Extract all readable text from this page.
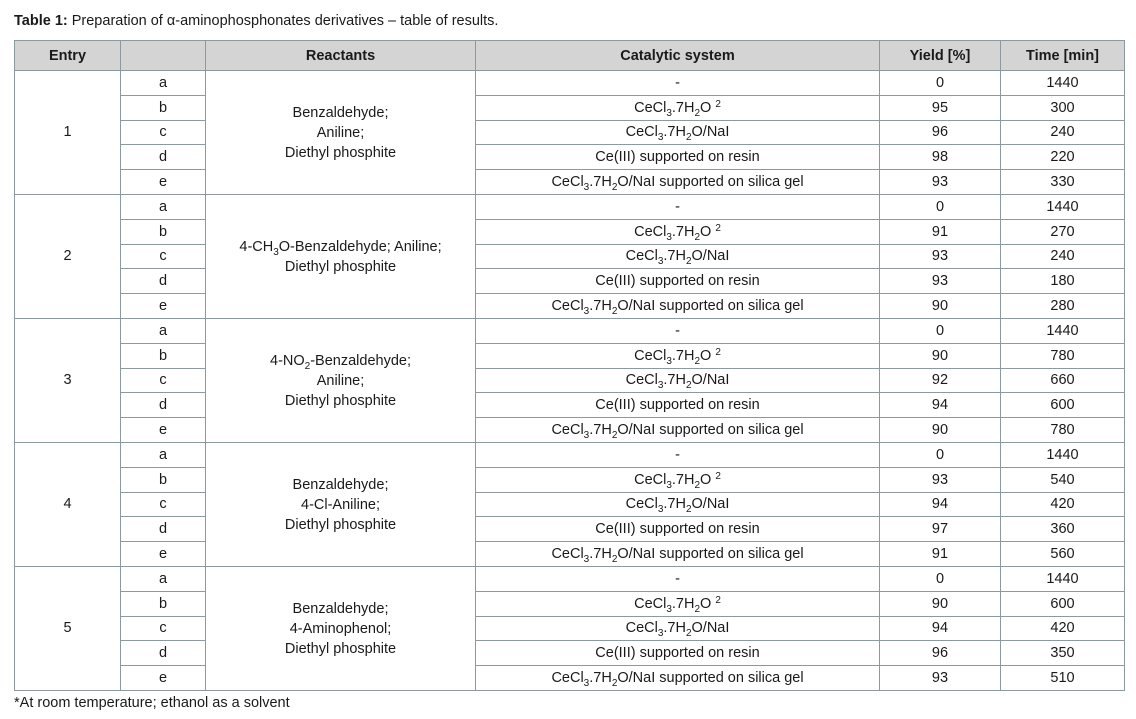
Table 1: Preparation of α-aminophosphonates derivatives – table of results.
Entry		Reactants	Catalytic system	Yield [%]	Time [min]
1	a	Benzaldehyde;
Aniline;
Diethyl phosphite	-	0	1440
	b		$CeCl_3.7H_2O$ $^2$	95	300
	c		$CeCl_3.7H_2O$/NaI	96	240
	d		Ce(III) supported on resin	98	220
	e		$CeCl_3.7H_2O$/NaI supported on silica gel	93	330
2	a	$4-CH_3O$-Benzaldehyde; Aniline;
Diethyl phosphite	-	0	1440
	b		$CeCl_3.7H_2O$ $^2$	91	270
	c		$CeCl_3.7H_2O$/NaI	93	240
	d		Ce(III) supported on resin	93	180
	e		$CeCl_3.7H_2O$/NaI supported on silica gel	90	280
3	a	$4-NO_2$-Benzaldehyde;
Aniline;
Diethyl phosphite	-	0	1440
	b		$CeCl_3.7H_2O$ $^2$	90	780
	c		$CeCl_3.7H_2O$/NaI	92	660
	d		Ce(III) supported on resin	94	600
	e		$CeCl_3.7H_2O$/NaI supported on silica gel	90	780
4	a	Benzaldehyde;
4-Cl-Aniline;
Diethyl phosphite	-	0	1440
	b		$CeCl_3.7H_2O$ $^2$	93	540
	c		$CeCl_3.7H_2O$/NaI	94	420
	d		Ce(III) supported on resin	97	360
	e		$CeCl_3.7H_2O$/NaI supported on silica gel	91	560
5	a	Benzaldehyde;
4-Aminophenol;
Diethyl phosphite	-	0	1440
	b		$CeCl_3.7H_2O$ $^2$	90	600
	c		$CeCl_3.7H_2O$/NaI	94	420
	d		Ce(III) supported on resin	96	350
	e		$CeCl_3.7H_2O$/NaI supported on silica gel	93	510
*At room temperature; ethanol as a solvent
